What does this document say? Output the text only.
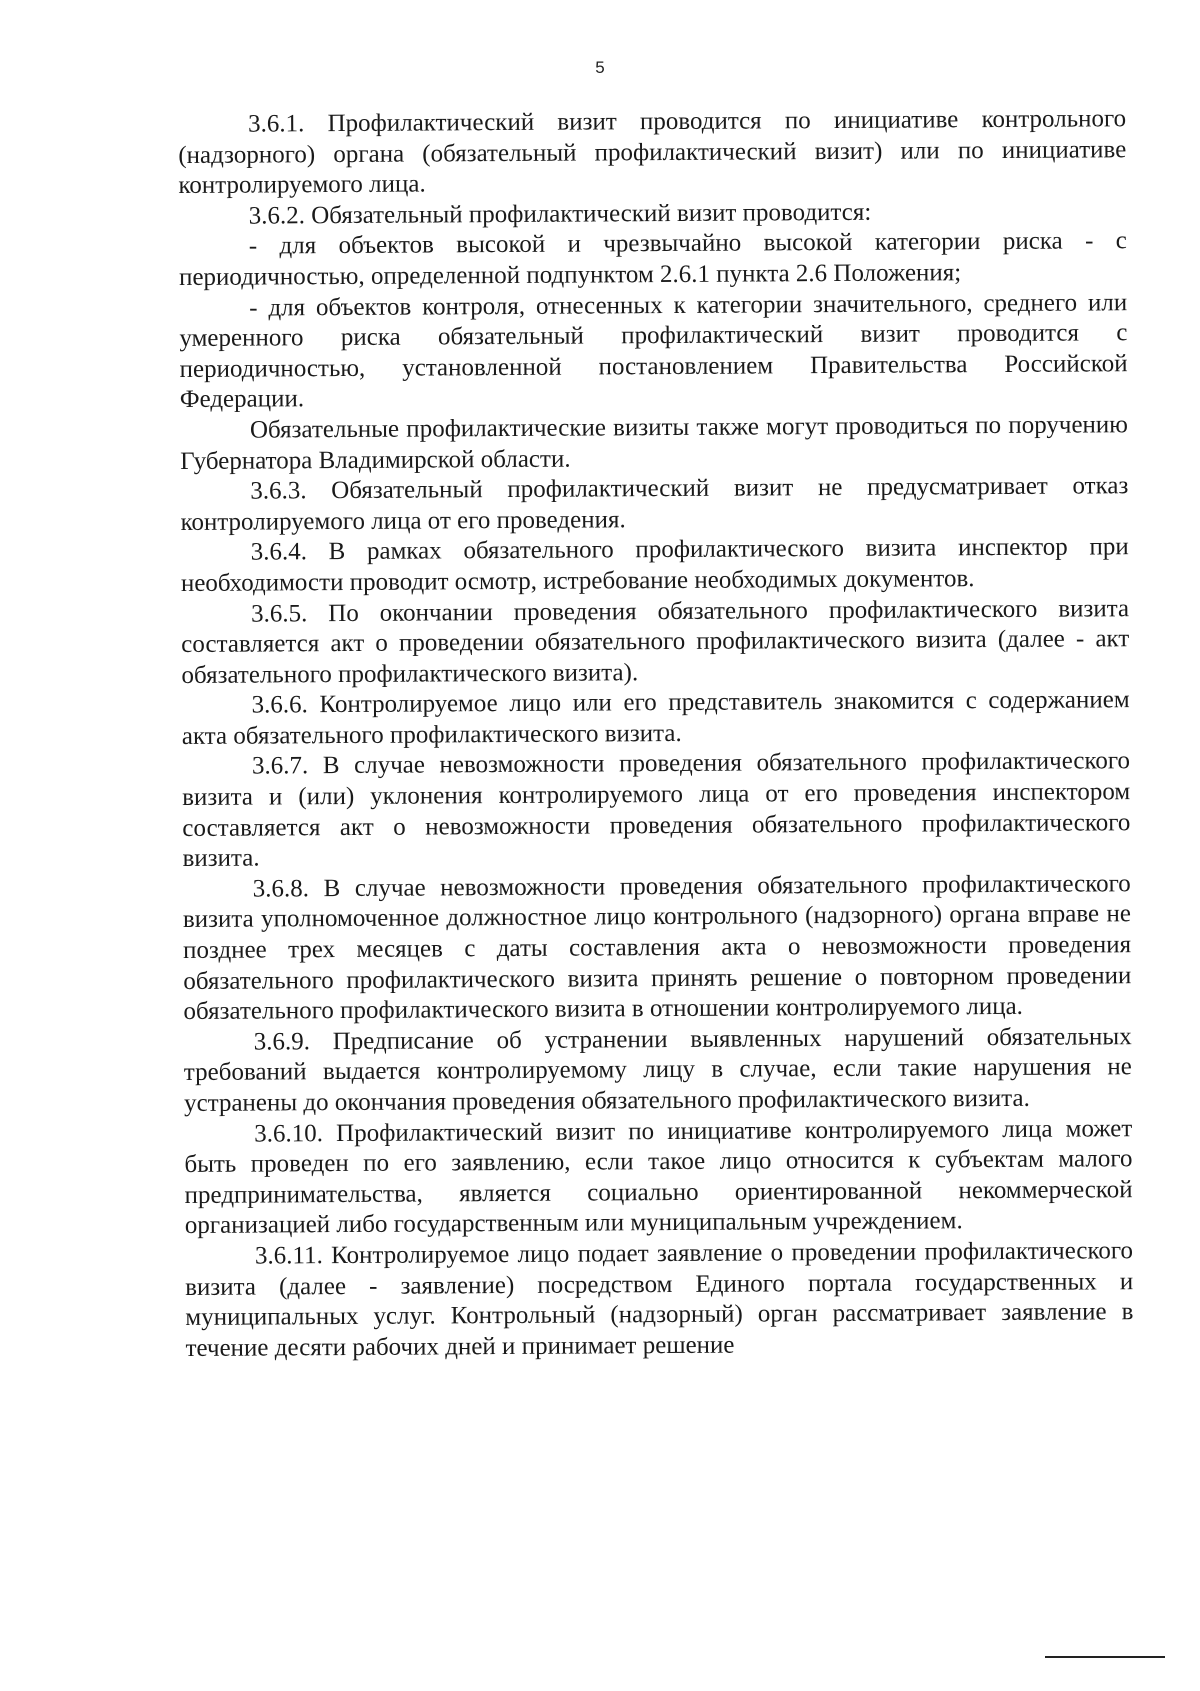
5

3.6.1. Профилактический визит проводится по инициативе контрольного (надзорного) органа (обязательный профилактический визит) или по инициативе контролируемого лица.

3.6.2. Обязательный профилактический визит проводится:

- для объектов высокой и чрезвычайно высокой категории риска - с периодичностью, определенной подпунктом 2.6.1 пункта 2.6 Положения;

- для объектов контроля, отнесенных к категории значительного, среднего или умеренного риска обязательный профилактический визит проводится с периодичностью, установленной постановлением Правительства Российской Федерации.

Обязательные профилактические визиты также могут проводиться по поручению Губернатора Владимирской области.

3.6.3. Обязательный профилактический визит не предусматривает отказ контролируемого лица от его проведения.

3.6.4. В рамках обязательного профилактического визита инспектор при необходимости проводит осмотр, истребование необходимых документов.

3.6.5. По окончании проведения обязательного профилактического визита составляется акт о проведении обязательного профилактического визита (далее - акт обязательного профилактического визита).

3.6.6. Контролируемое лицо или его представитель знакомится с содержанием акта обязательного профилактического визита.

3.6.7. В случае невозможности проведения обязательного профилактического визита и (или) уклонения контролируемого лица от его проведения инспектором составляется акт о невозможности проведения обязательного профилактического визита.

3.6.8. В случае невозможности проведения обязательного профилактического визита уполномоченное должностное лицо контрольного (надзорного) органа вправе не позднее трех месяцев с даты составления акта о невозможности проведения обязательного профилактического визита принять решение о повторном проведении обязательного профилактического визита в отношении контролируемого лица.

3.6.9. Предписание об устранении выявленных нарушений обязательных требований выдается контролируемому лицу в случае, если такие нарушения не устранены до окончания проведения обязательного профилактического визита.

3.6.10. Профилактический визит по инициативе контролируемого лица может быть проведен по его заявлению, если такое лицо относится к субъектам малого предпринимательства, является социально ориентированной некоммерческой организацией либо государственным или муниципальным учреждением.

3.6.11. Контролируемое лицо подает заявление о проведении профилактического визита (далее - заявление) посредством Единого портала государственных и муниципальных услуг. Контрольный (надзорный) орган рассматривает заявление в течение десяти рабочих дней и принимает решение
